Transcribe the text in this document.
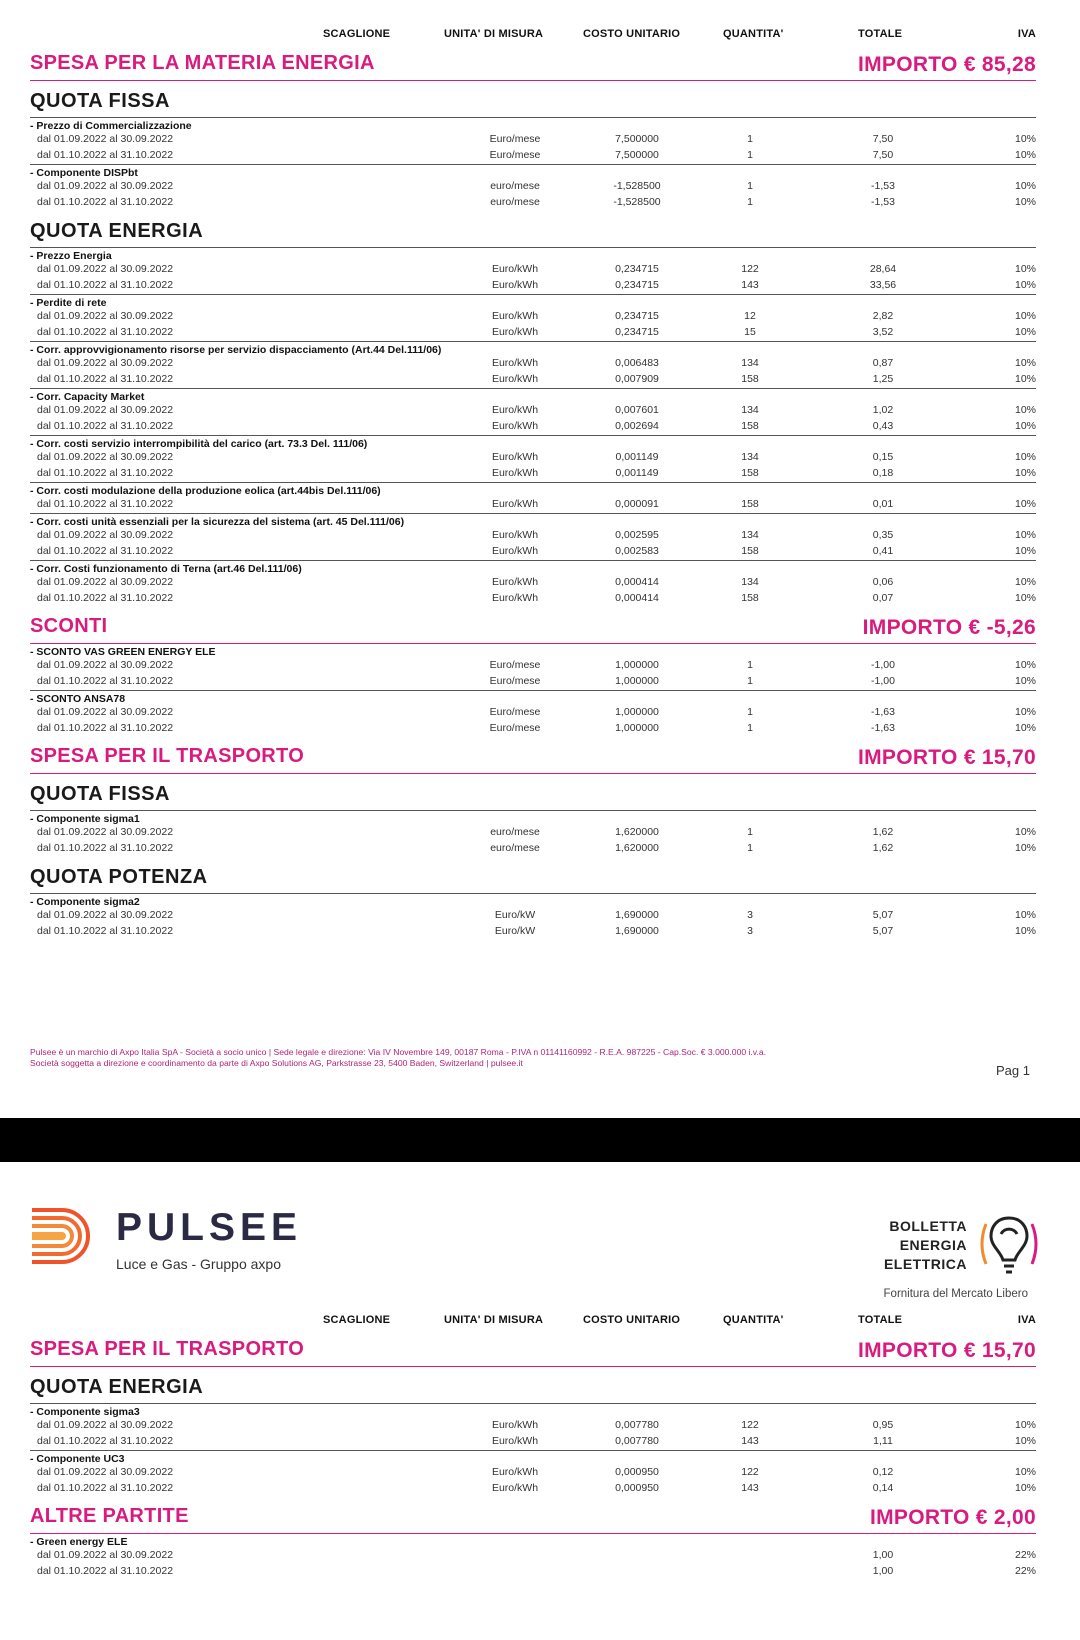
SCAGLIONE	UNITA' DI MISURA	COSTO UNITARIO	QUANTITA'	TOTALE	IVA
SPESA PER LA MATERIA ENERGIA	IMPORTO € 85,28
QUOTA FISSA
- Prezzo di Commercializzazione
dal 01.09.2022 al 30.09.2022	Euro/mese	7,500000	1	7,50	10%
dal 01.10.2022 al 31.10.2022	Euro/mese	7,500000	1	7,50	10%
- Componente DISPbt
dal 01.09.2022 al 30.09.2022	euro/mese	-1,528500	1	-1,53	10%
dal 01.10.2022 al 31.10.2022	euro/mese	-1,528500	1	-1,53	10%
QUOTA ENERGIA
- Prezzo Energia
dal 01.09.2022 al 30.09.2022	Euro/kWh	0,234715	122	28,64	10%
dal 01.10.2022 al 31.10.2022	Euro/kWh	0,234715	143	33,56	10%
- Perdite di rete
dal 01.09.2022 al 30.09.2022	Euro/kWh	0,234715	12	2,82	10%
dal 01.10.2022 al 31.10.2022	Euro/kWh	0,234715	15	3,52	10%
- Corr. approvvigionamento risorse per servizio dispacciamento (Art.44 Del.111/06)
dal 01.09.2022 al 30.09.2022	Euro/kWh	0,006483	134	0,87	10%
dal 01.10.2022 al 31.10.2022	Euro/kWh	0,007909	158	1,25	10%
- Corr. Capacity Market
dal 01.09.2022 al 30.09.2022	Euro/kWh	0,007601	134	1,02	10%
dal 01.10.2022 al 31.10.2022	Euro/kWh	0,002694	158	0,43	10%
- Corr. costi servizio interrompibilità del carico (art. 73.3 Del. 111/06)
dal 01.09.2022 al 30.09.2022	Euro/kWh	0,001149	134	0,15	10%
dal 01.10.2022 al 31.10.2022	Euro/kWh	0,001149	158	0,18	10%
- Corr. costi modulazione della produzione eolica (art.44bis Del.111/06)
dal 01.10.2022 al 31.10.2022	Euro/kWh	0,000091	158	0,01	10%
- Corr. costi unità essenziali per la sicurezza del sistema (art. 45 Del.111/06)
dal 01.09.2022 al 30.09.2022	Euro/kWh	0,002595	134	0,35	10%
dal 01.10.2022 al 31.10.2022	Euro/kWh	0,002583	158	0,41	10%
- Corr. Costi funzionamento di Terna (art.46 Del.111/06)
dal 01.09.2022 al 30.09.2022	Euro/kWh	0,000414	134	0,06	10%
dal 01.10.2022 al 31.10.2022	Euro/kWh	0,000414	158	0,07	10%
SCONTI	IMPORTO € -5,26
- SCONTO VAS GREEN ENERGY ELE
dal 01.09.2022 al 30.09.2022	Euro/mese	1,000000	1	-1,00	10%
dal 01.10.2022 al 31.10.2022	Euro/mese	1,000000	1	-1,00	10%
- SCONTO ANSA78
dal 01.09.2022 al 30.09.2022	Euro/mese	1,000000	1	-1,63	10%
dal 01.10.2022 al 31.10.2022	Euro/mese	1,000000	1	-1,63	10%
SPESA PER IL TRASPORTO	IMPORTO € 15,70
QUOTA FISSA
- Componente sigma1
dal 01.09.2022 al 30.09.2022	euro/mese	1,620000	1	1,62	10%
dal 01.10.2022 al 31.10.2022	euro/mese	1,620000	1	1,62	10%
QUOTA POTENZA
- Componente sigma2
dal 01.09.2022 al 30.09.2022	Euro/kW	1,690000	3	5,07	10%
dal 01.10.2022 al 31.10.2022	Euro/kW	1,690000	3	5,07	10%
Pulsee è un marchio di Axpo Italia SpA - Società a socio unico | Sede legale e direzione: Via IV Novembre 149, 00187 Roma - P.IVA n 01141160992 - R.E.A. 987225 - Cap.Soc. € 3.000.000 i.v.a.
Società soggetta a direzione e coordinamento da parte di Axpo Solutions AG, Parkstrasse 23, 5400 Baden, Switzerland | pulsee.it	Pag 1
PULSEE
Luce e Gas - Gruppo axpo
BOLLETTA
ENERGIA
ELETTRICA
Fornitura del Mercato Libero
SCAGLIONE	UNITA' DI MISURA	COSTO UNITARIO	QUANTITA'	TOTALE	IVA
SPESA PER IL TRASPORTO	IMPORTO € 15,70
QUOTA ENERGIA
- Componente sigma3
dal 01.09.2022 al 30.09.2022	Euro/kWh	0,007780	122	0,95	10%
dal 01.10.2022 al 31.10.2022	Euro/kWh	0,007780	143	1,11	10%
- Componente UC3
dal 01.09.2022 al 30.09.2022	Euro/kWh	0,000950	122	0,12	10%
dal 01.10.2022 al 31.10.2022	Euro/kWh	0,000950	143	0,14	10%
ALTRE PARTITE	IMPORTO € 2,00
- Green energy ELE
dal 01.09.2022 al 30.09.2022	1,00	22%
dal 01.10.2022 al 31.10.2022	1,00	22%
